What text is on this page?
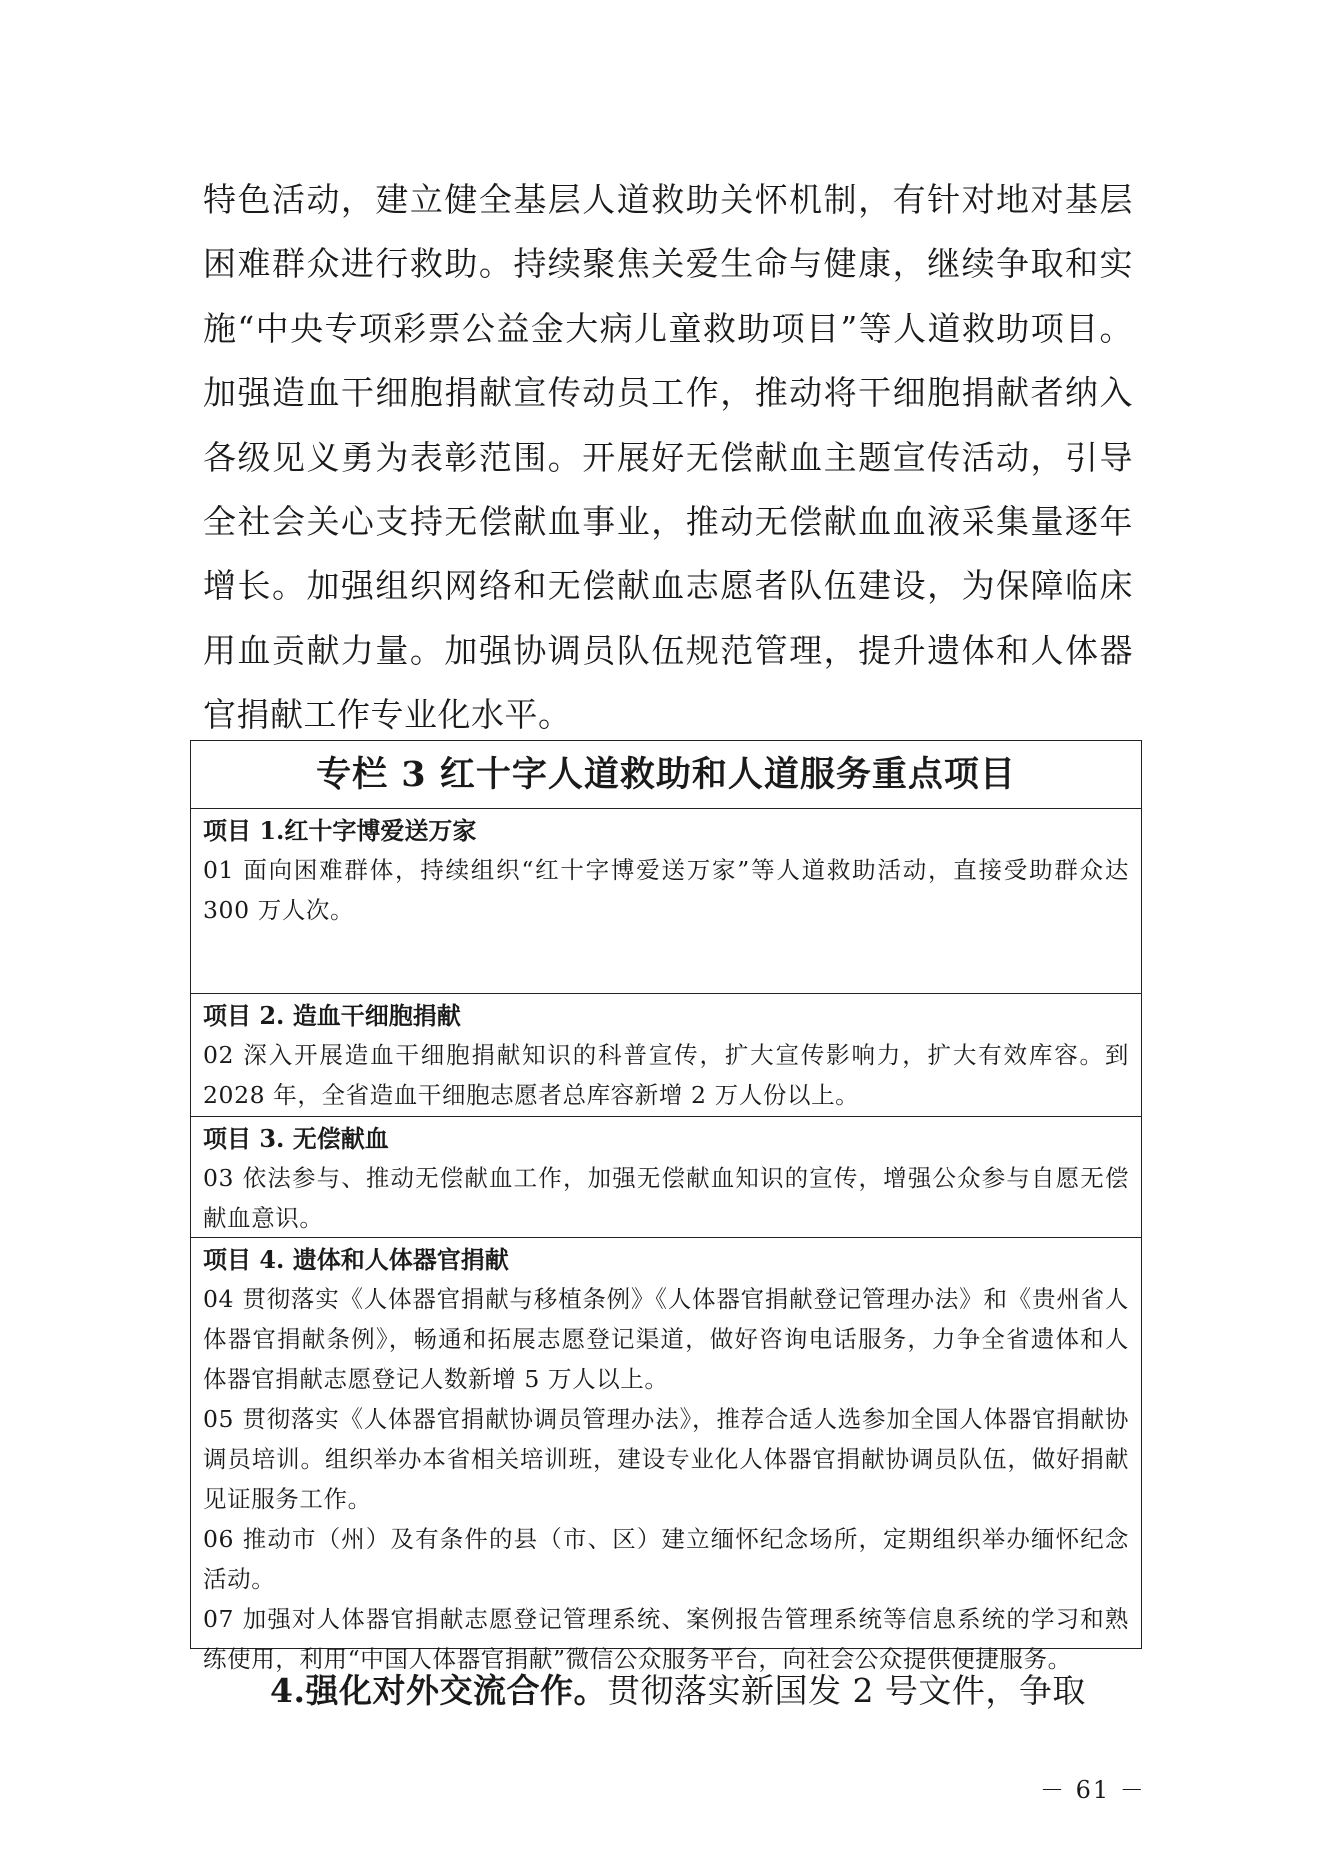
特色活动，建立健全基层人道救助关怀机制，有针对地对基层困难群众进行救助。持续聚焦关爱生命与健康，继续争取和实施“中央专项彩票公益金大病儿童救助项目”等人道救助项目。加强造血干细胞捐献宣传动员工作，推动将干细胞捐献者纳入各级见义勇为表彰范围。开展好无偿献血主题宣传活动，引导全社会关心支持无偿献血事业，推动无偿献血血液采集量逐年增长。加强组织网络和无偿献血志愿者队伍建设，为保障临床用血贡献力量。加强协调员队伍规范管理，提升遗体和人体器官捐献工作专业化水平。

专栏 3 红十字人道救助和人道服务重点项目

项目 1.红十字博爱送万家

01 面向困难群体，持续组织“红十字博爱送万家”等人道救助活动，直接受助群众达 300 万人次。

项目 2. 造血干细胞捐献

02 深入开展造血干细胞捐献知识的科普宣传，扩大宣传影响力，扩大有效库容。到 2028 年，全省造血干细胞志愿者总库容新增 2 万人份以上。

项目 3. 无偿献血

03 依法参与、推动无偿献血工作，加强无偿献血知识的宣传，增强公众参与自愿无偿献血意识。

项目 4. 遗体和人体器官捐献

04 贯彻落实《人体器官捐献与移植条例》《人体器官捐献登记管理办法》和《贵州省人体器官捐献条例》，畅通和拓展志愿登记渠道，做好咨询电话服务，力争全省遗体和人体器官捐献志愿登记人数新增 5 万人以上。

05 贯彻落实《人体器官捐献协调员管理办法》，推荐合适人选参加全国人体器官捐献协调员培训。组织举办本省相关培训班，建设专业化人体器官捐献协调员队伍，做好捐献见证服务工作。

06 推动市（州）及有条件的县（市、区）建立缅怀纪念场所，定期组织举办缅怀纪念活动。

07 加强对人体器官捐献志愿登记管理系统、案例报告管理系统等信息系统的学习和熟练使用，利用“中国人体器官捐献”微信公众服务平台，向社会公众提供便捷服务。

4.强化对外交流合作。贯彻落实新国发 2 号文件，争取

－ 61 －
